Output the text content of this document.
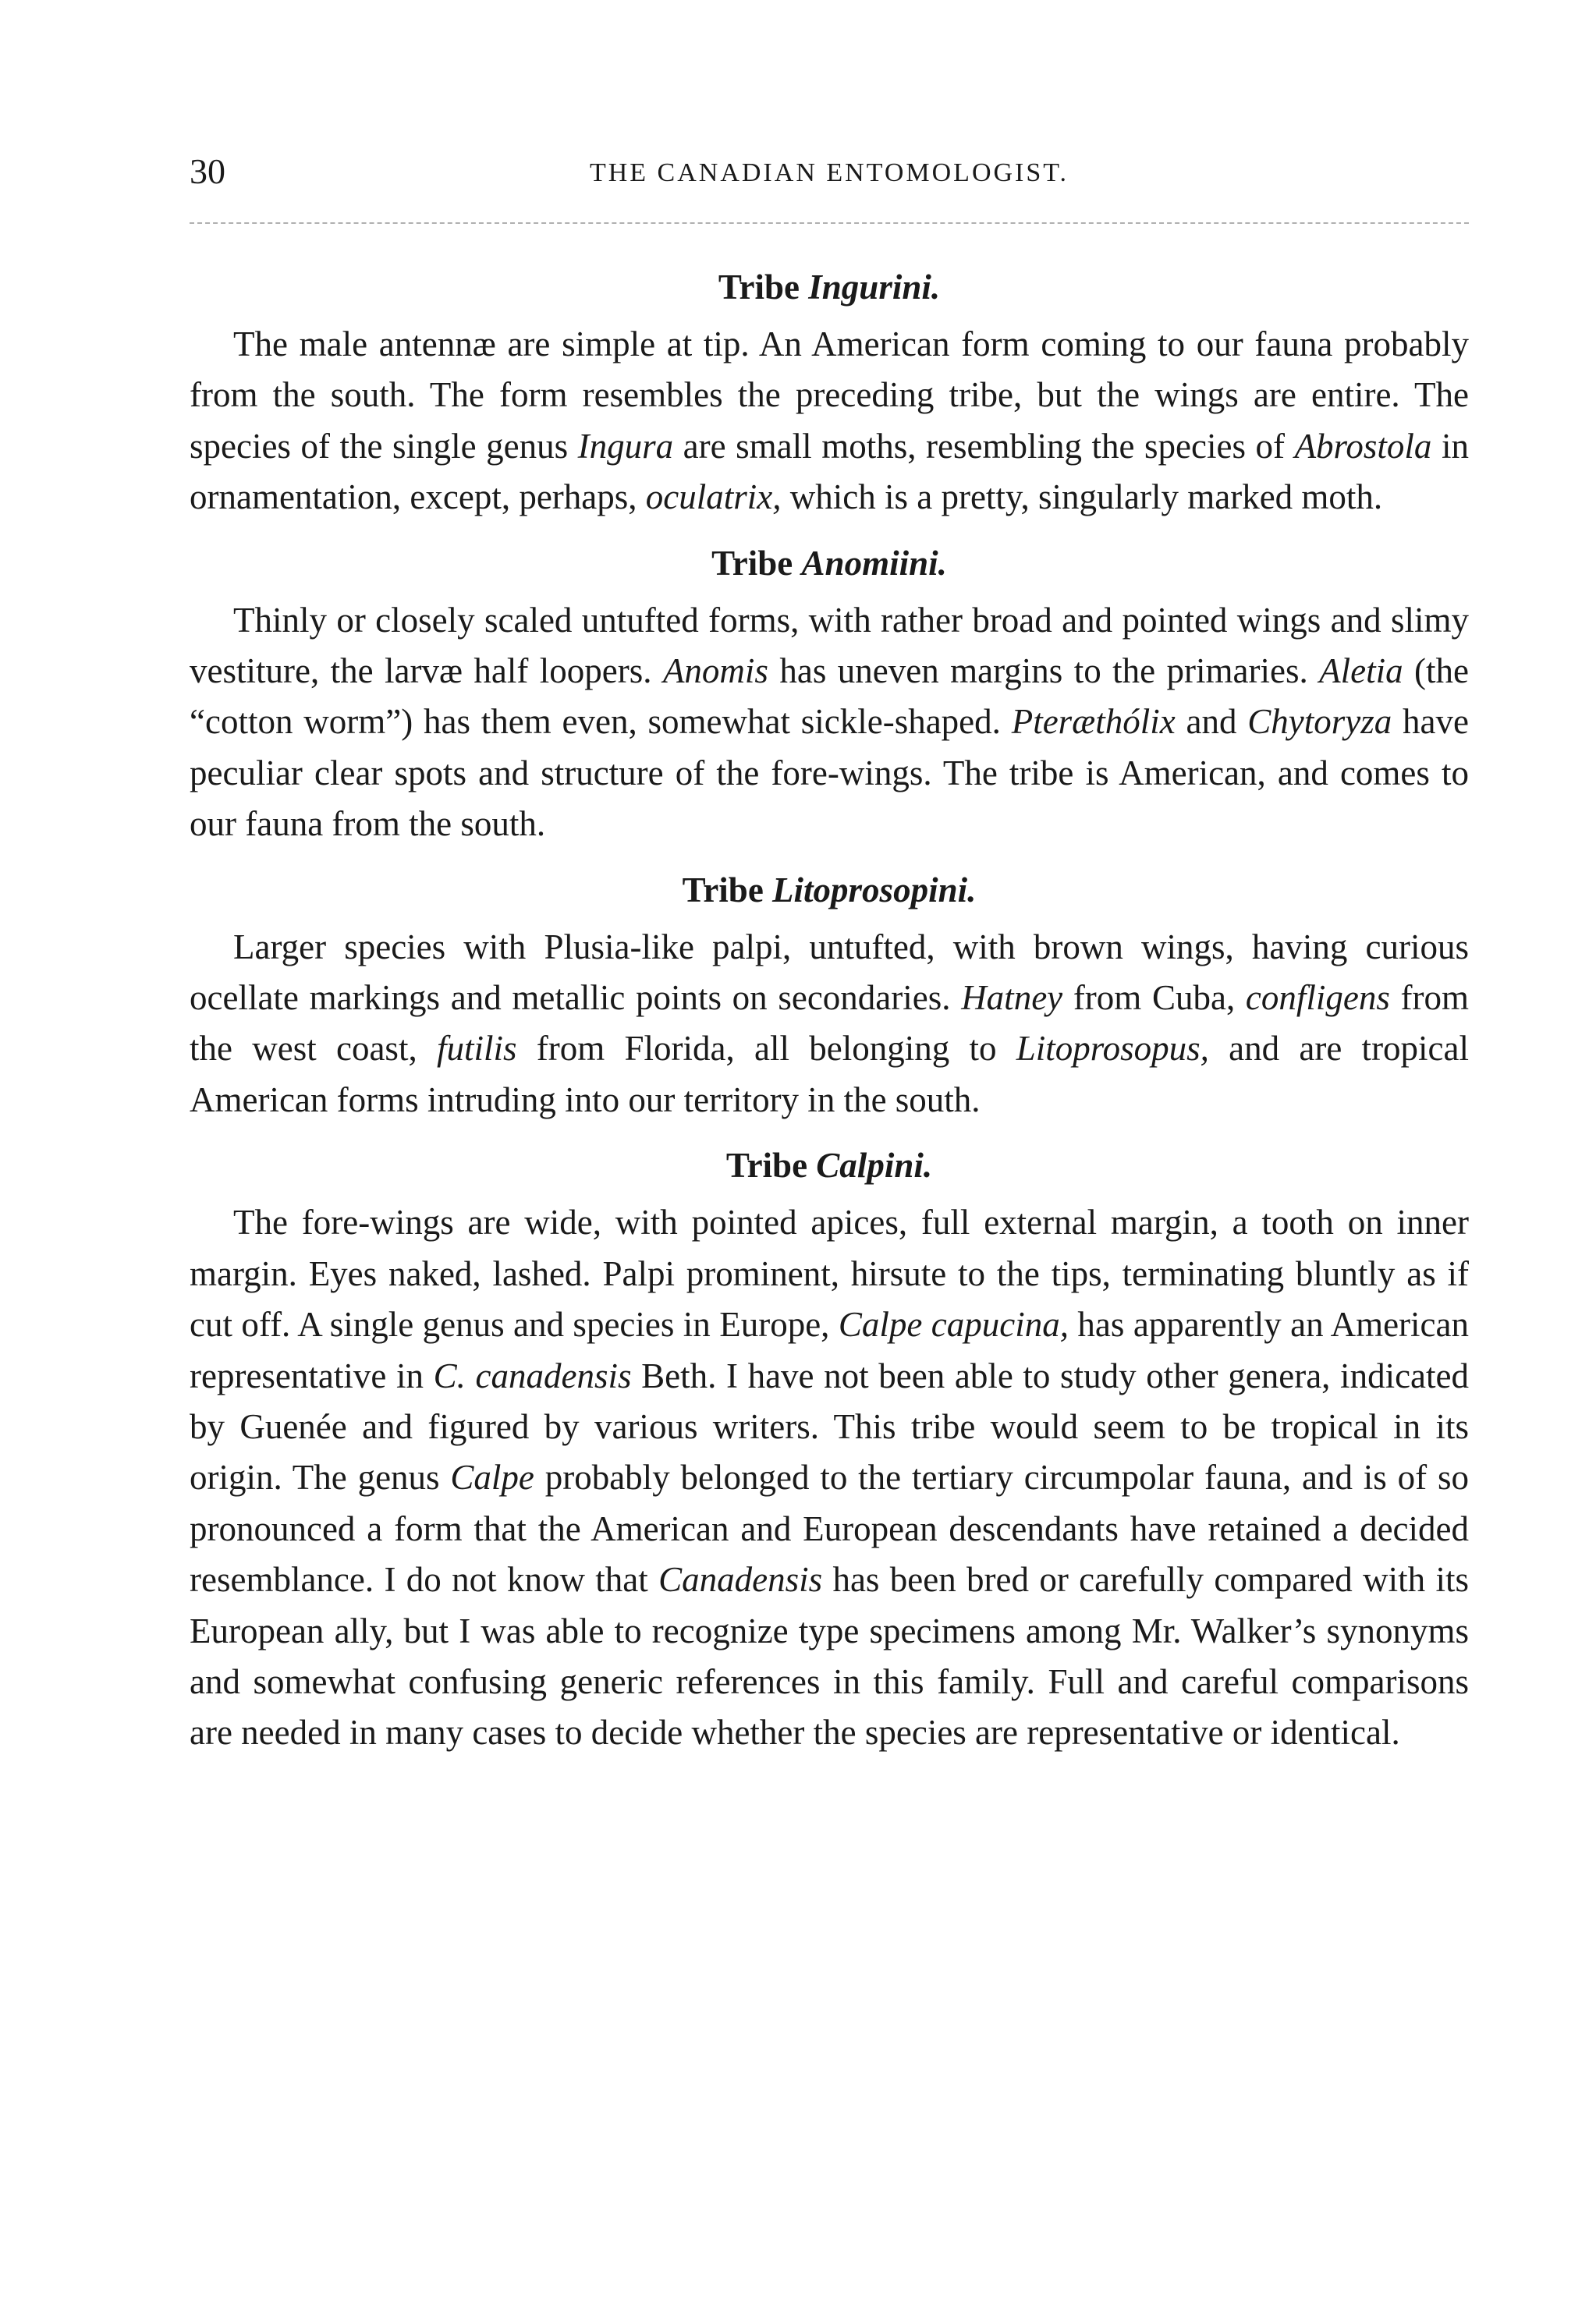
30	THE CANADIAN ENTOMOLOGIST.
Tribe Ingurini.

The male antennæ are simple at tip. An American form coming to our fauna probably from the south. The form resembles the preceding tribe, but the wings are entire. The species of the single genus Ingura are small moths, resembling the species of Abrostola in ornamentation, except, perhaps, oculatrix, which is a pretty, singularly marked moth.

Tribe Anomiini.

Thinly or closely scaled untufted forms, with rather broad and pointed wings and slimy vestiture, the larvæ half loopers. Anomis has uneven margins to the primaries. Aletia (the “cotton worm”) has them even, somewhat sickle-shaped. Pteræthólix and Chytoryza have peculiar clear spots and structure of the fore-wings. The tribe is American, and comes to our fauna from the south.

Tribe Litoprosopini.

Larger species with Plusia-like palpi, untufted, with brown wings, having curious ocellate markings and metallic points on secondaries. Hatney from Cuba, confligens from the west coast, futilis from Florida, all belonging to Litoprosopus, and are tropical American forms intruding into our territory in the south.

Tribe Calpini.

The fore-wings are wide, with pointed apices, full external margin, a tooth on inner margin. Eyes naked, lashed. Palpi prominent, hirsute to the tips, terminating bluntly as if cut off. A single genus and species in Europe, Calpe capucina, has apparently an American representative in C. canadensis Beth. I have not been able to study other genera, indicated by Guenée and figured by various writers. This tribe would seem to be tropical in its origin. The genus Calpe probably belonged to the tertiary circumpolar fauna, and is of so pronounced a form that the American and European descendants have retained a decided resemblance. I do not know that Canadensis has been bred or carefully compared with its European ally, but I was able to recognize type specimens among Mr. Walker’s synonyms and somewhat confusing generic references in this family. Full and careful comparisons are needed in many cases to decide whether the species are representative or identical.
